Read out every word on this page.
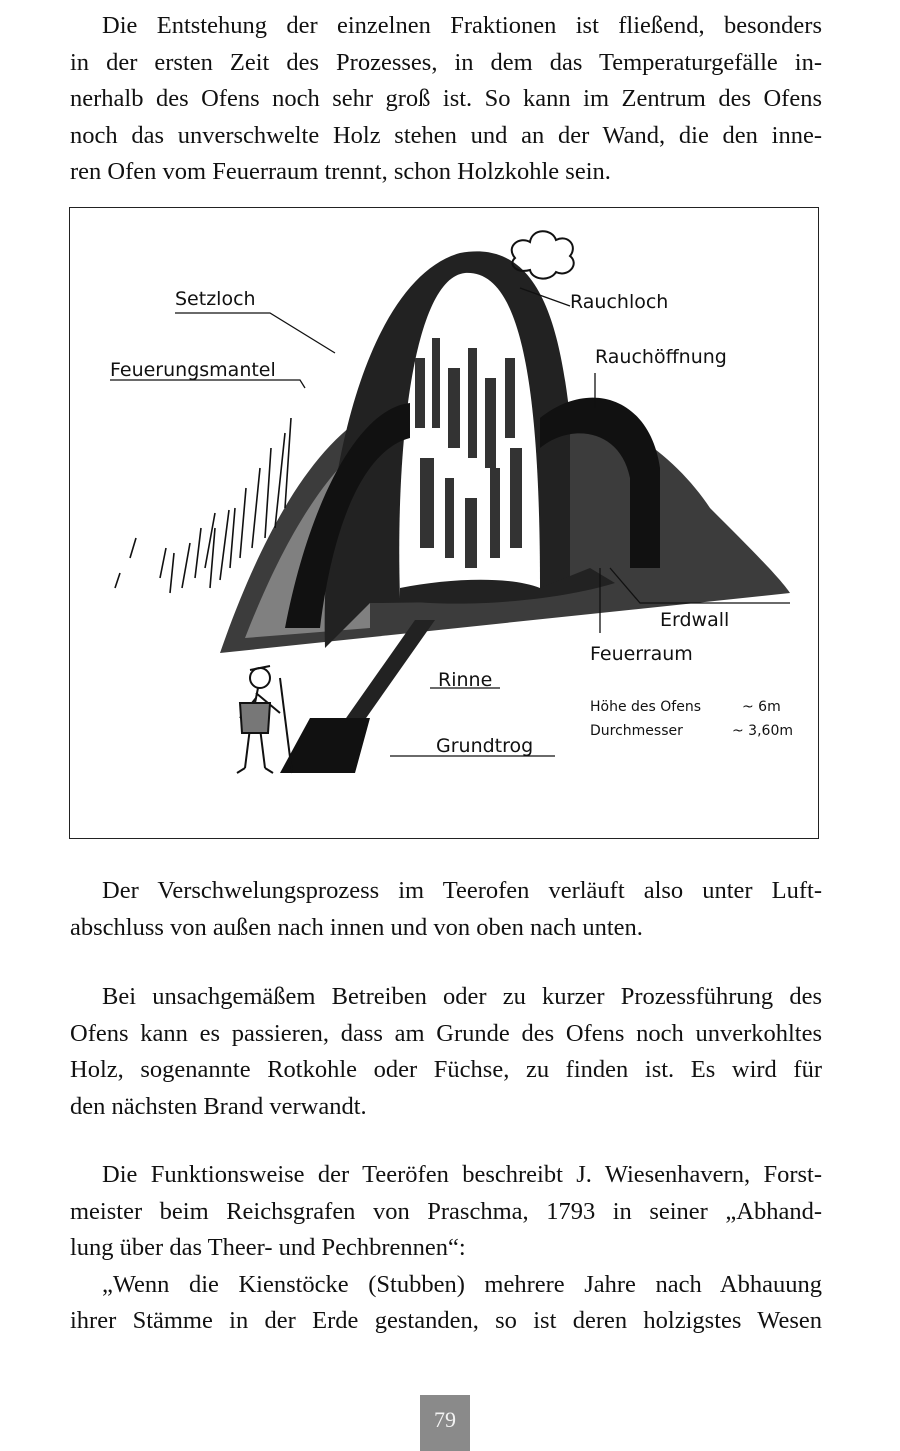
Die Entstehung der einzelnen Fraktionen ist fließend, besonders
in der ersten Zeit des Prozesses, in dem das Temperaturgefälle in-
nerhalb des Ofens noch sehr groß ist. So kann im Zentrum des Ofens
noch das unverschwelte Holz stehen und an der Wand, die den inne-
ren Ofen vom Feuerraum trennt, schon Holzkohle sein.
Setzloch
Feuerungsmantel
Rauchloch
Rauchöffnung
Erdwall
Feuerraum
Rinne
Grundtrog
Höhe des Ofens	~ 6m
Durchmesser	~ 3,60m
Der Verschwelungsprozess im Teerofen verläuft also unter Luft-
abschluss von außen nach innen und von oben nach unten.
Bei unsachgemäßem Betreiben oder zu kurzer Prozessführung des
Ofens kann es passieren, dass am Grunde des Ofens noch unverkohltes
Holz, sogenannte Rotkohle oder Füchse, zu finden ist. Es wird für
den nächsten Brand verwandt.
Die Funktionsweise der Teeröfen beschreibt J. Wiesenhavern, Forst-
meister beim Reichsgrafen von Praschma, 1793 in seiner „Abhand-
lung über das Theer- und Pechbrennen“:
„Wenn die Kienstöcke (Stubben) mehrere Jahre nach Abhauung
ihrer Stämme in der Erde gestanden, so ist deren holzigstes Wesen
79
